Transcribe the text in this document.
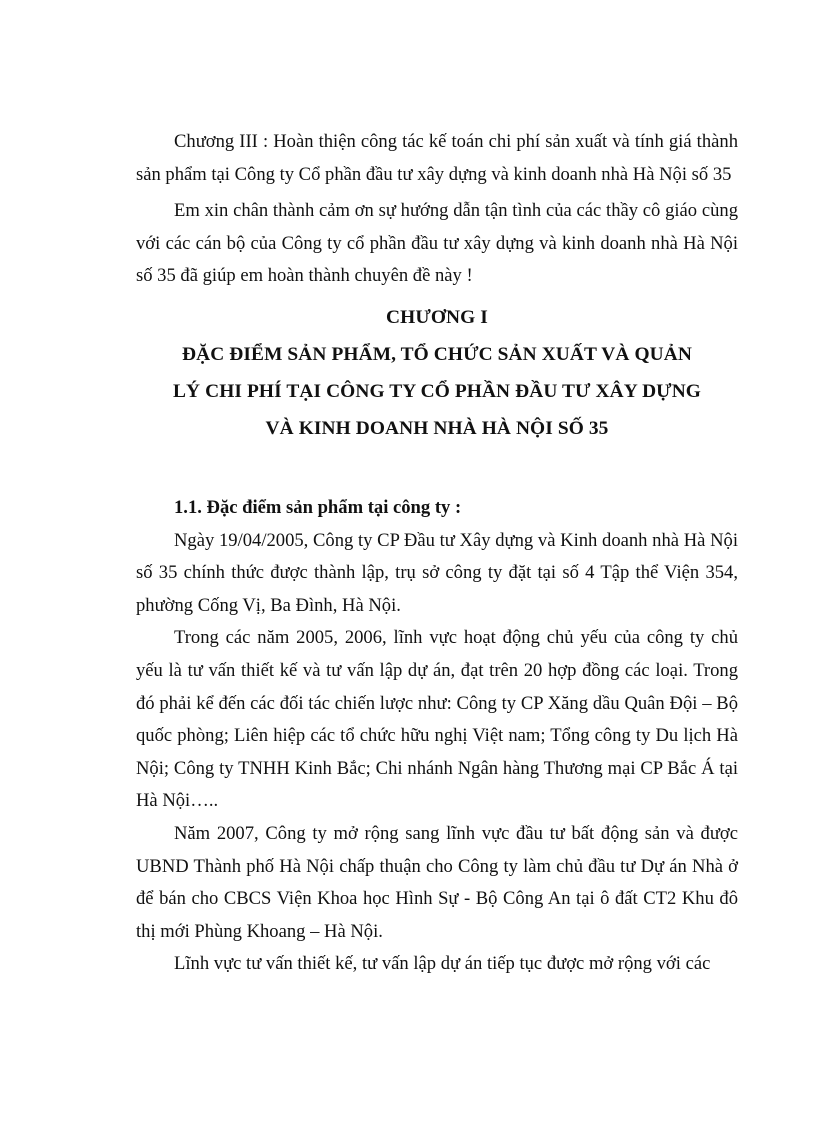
Chương III : Hoàn thiện công tác kế toán chi phí sản xuất và tính giá thành sản phẩm tại Công ty Cổ phần đầu tư xây dựng và kinh doanh nhà Hà Nội số 35

Em xin chân thành cảm ơn sự hướng dẫn tận tình của các thầy cô giáo cùng với các cán bộ của Công ty cổ phần đầu tư xây dựng và kinh doanh nhà Hà Nội số 35 đã giúp em hoàn thành chuyên đề này !

CHƯƠNG I
ĐẶC ĐIỂM SẢN PHẨM, TỔ CHỨC SẢN XUẤT VÀ QUẢN
LÝ CHI PHÍ TẠI CÔNG TY CỔ PHẦN ĐẦU TƯ XÂY DỰNG
VÀ KINH DOANH NHÀ HÀ NỘI SỐ 35
1.1. Đặc điểm sản phẩm tại công ty :

Ngày 19/04/2005, Công ty CP Đầu tư Xây dựng và Kinh doanh nhà Hà Nội số 35 chính thức được thành lập, trụ sở công ty đặt tại số 4 Tập thể Viện 354, phường Cống Vị, Ba Đình, Hà Nội.

Trong các năm 2005, 2006, lĩnh vực hoạt động chủ yếu của công ty chủ yếu là tư vấn thiết kế và tư vấn lập dự án, đạt trên 20 hợp đồng các loại. Trong đó phải kể đến các đối tác chiến lược như: Công ty CP Xăng dầu Quân Đội – Bộ quốc phòng; Liên hiệp các tổ chức hữu nghị Việt nam; Tổng công ty Du lịch Hà Nội; Công ty TNHH Kinh Bắc; Chi nhánh Ngân hàng Thương mại CP Bắc Á tại Hà Nội…..

Năm 2007, Công ty mở rộng sang lĩnh vực đầu tư bất động sản và được UBND Thành phố Hà Nội chấp thuận cho Công ty làm chủ đầu tư Dự án Nhà ở để bán cho CBCS Viện Khoa học Hình Sự - Bộ Công An tại ô đất CT2 Khu đô thị mới Phùng Khoang – Hà Nội.

Lĩnh vực tư vấn thiết kế, tư vấn lập dự án tiếp tục được mở rộng với các
